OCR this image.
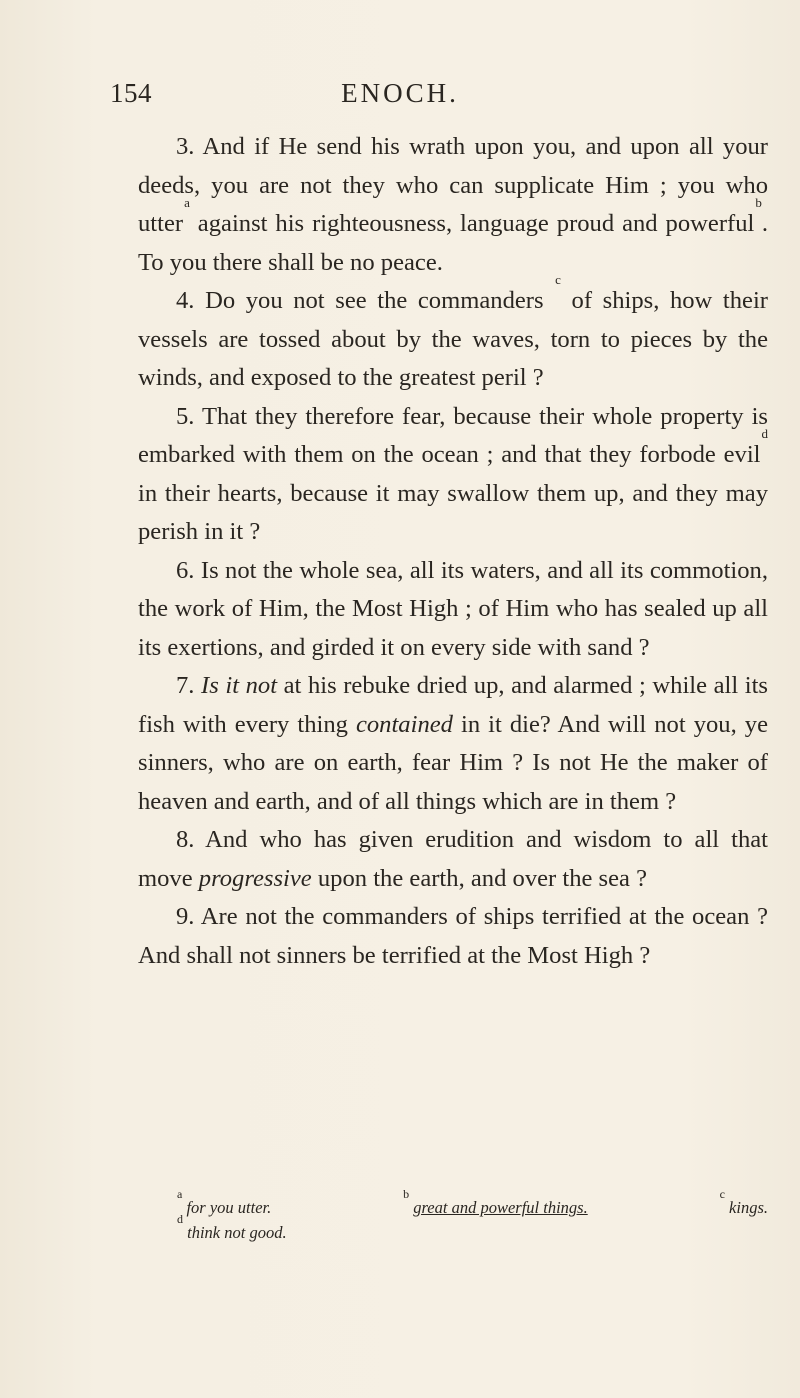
154	ENOCH.

3. And if He send his wrath upon you, and upon all your deeds, you are not they who can supplicate Him ; you who utter$^a$ against his righteousness, language proud and powerful$^b$. To you there shall be no peace.

4. Do you not see the commanders $^c$ of ships, how their vessels are tossed about by the waves, torn to pieces by the winds, and exposed to the greatest peril ?

5. That they therefore fear, because their whole property is embarked with them on the ocean ; and that they forbode evil$^d$ in their hearts, because it may swallow them up, and they may perish in it ?

6. Is not the whole sea, all its waters, and all its commotion, the work of Him, the Most High ; of Him who has sealed up all its exertions, and girded it on every side with sand ?

7. Is it not at his rebuke dried up, and alarmed ; while all its fish with every thing contained in it die? And will not you, ye sinners, who are on earth, fear Him ? Is not He the maker of heaven and earth, and of all things which are in them ?

8. And who has given erudition and wisdom to all that move progressive upon the earth, and over the sea ?

9. Are not the commanders of ships terrified at the ocean ? And shall not sinners be terrified at the Most High ?

$^a$ for you utter.
$^b$ great and powerful things.
$^c$ kings.
$^d$ think not good.
